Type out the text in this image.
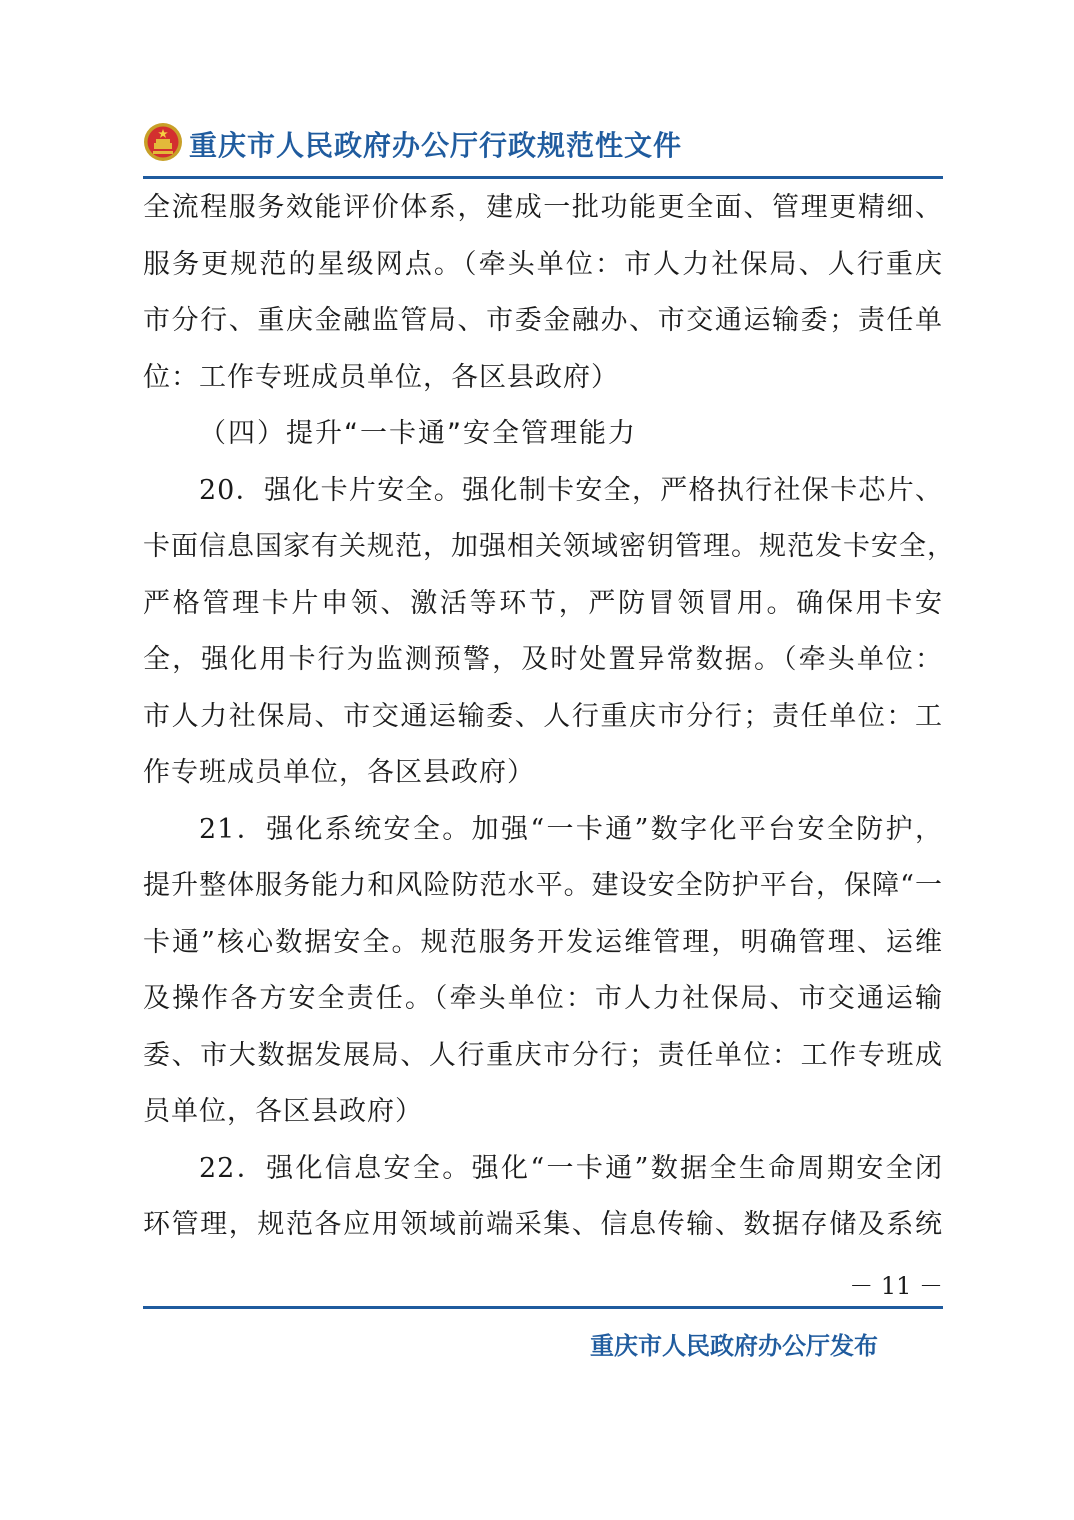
重庆市人民政府办公厅行政规范性文件
全流程服务效能评价体系，建成一批功能更全面、管理更精细、
服务更规范的星级网点。（牵头单位：市人力社保局、人行重庆
市分行、重庆金融监管局、市委金融办、市交通运输委；责任单
位：工作专班成员单位，各区县政府）
（四）提升“一卡通”安全管理能力
20．强化卡片安全。强化制卡安全，严格执行社保卡芯片、
卡面信息国家有关规范，加强相关领域密钥管理。规范发卡安全，
严格管理卡片申领、激活等环节，严防冒领冒用。确保用卡安
全，强化用卡行为监测预警，及时处置异常数据。（牵头单位：
市人力社保局、市交通运输委、人行重庆市分行；责任单位：工
作专班成员单位，各区县政府）
21．强化系统安全。加强“一卡通”数字化平台安全防护，
提升整体服务能力和风险防范水平。建设安全防护平台，保障“一
卡通”核心数据安全。规范服务开发运维管理，明确管理、运维
及操作各方安全责任。（牵头单位：市人力社保局、市交通运输
委、市大数据发展局、人行重庆市分行；责任单位：工作专班成
员单位，各区县政府）
22．强化信息安全。强化“一卡通”数据全生命周期安全闭
环管理，规范各应用领域前端采集、信息传输、数据存储及系统
－ 11 －
重庆市人民政府办公厅发布
